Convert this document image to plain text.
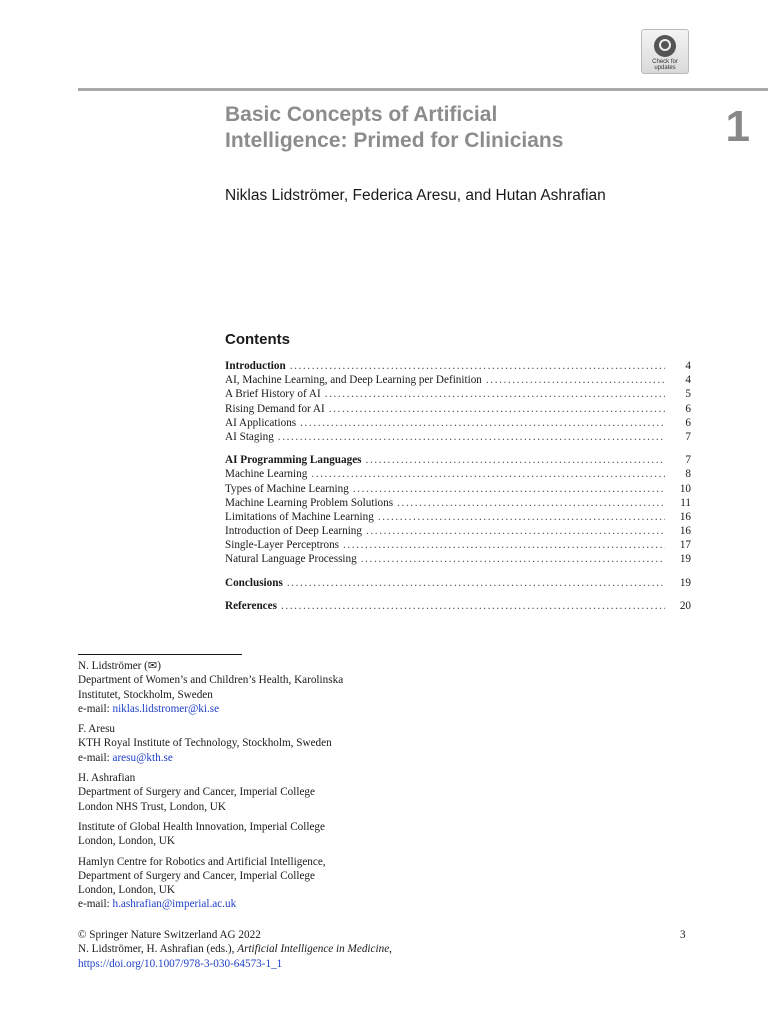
Check for
updates
Basic Concepts of Artificial
Intelligence: Primed for Clinicians	1
Niklas Lidströmer, Federica Aresu, and Hutan Ashrafian
Contents
Introduction .....	4
AI, Machine Learning, and Deep Learning per Definition .....	4
A Brief History of AI .....	5
Rising Demand for AI .....	6
AI Applications .....	6
AI Staging .....	7
AI Programming Languages .....	7
Machine Learning .....	8
Types of Machine Learning .....	10
Machine Learning Problem Solutions .....	11
Limitations of Machine Learning .....	16
Introduction of Deep Learning .....	16
Single-Layer Perceptrons .....	17
Natural Language Processing .....	19
Conclusions .....	19
References .....	20

N. Lidströmer (✉)
Department of Women’s and Children’s Health, Karolinska
Institutet, Stockholm, Sweden
e-mail: niklas.lidstromer@ki.se

F. Aresu
KTH Royal Institute of Technology, Stockholm, Sweden
e-mail: aresu@kth.se

H. Ashrafian
Department of Surgery and Cancer, Imperial College
London NHS Trust, London, UK

Institute of Global Health Innovation, Imperial College
London, London, UK

Hamlyn Centre for Robotics and Artificial Intelligence,
Department of Surgery and Cancer, Imperial College
London, London, UK
e-mail: h.ashrafian@imperial.ac.uk

© Springer Nature Switzerland AG 2022
N. Lidströmer, H. Ashrafian (eds.), Artificial Intelligence in Medicine,
https://doi.org/10.1007/978-3-030-64573-1_1
3
